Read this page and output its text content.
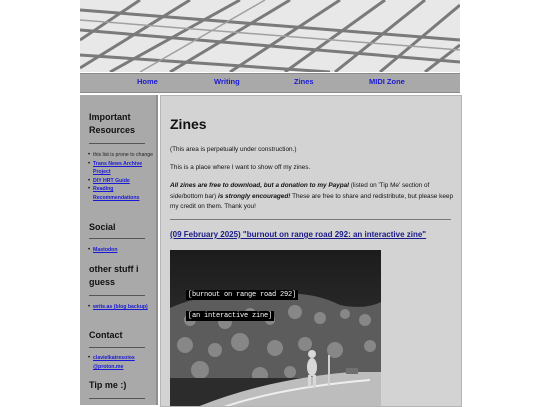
Home	Writing	Zines	MIDI Zone
Important Resources
• this list is prone to change
• Trans News Archive Project
• DIY HRT Guide
• Reading Recommendations
Social
• Mastodon
other stuff i guess
• write.as (blog backup)
Contact
• clavielkatresoios @proton.me
Tip me :)
Zines

(This area is perpetually under construction.)

This is a place where I want to show off my zines.

All zines are free to download, but a donation to my Paypal (listed on 'Tip Me' section of side/bottom bar) is strongly encouraged! These are free to share and redistribute, but please keep my credit on them. Thank you!

(09 February 2025) "burnout on range road 292: an interactive zine"
[burnout on range road 292]
[an interactive zine]
